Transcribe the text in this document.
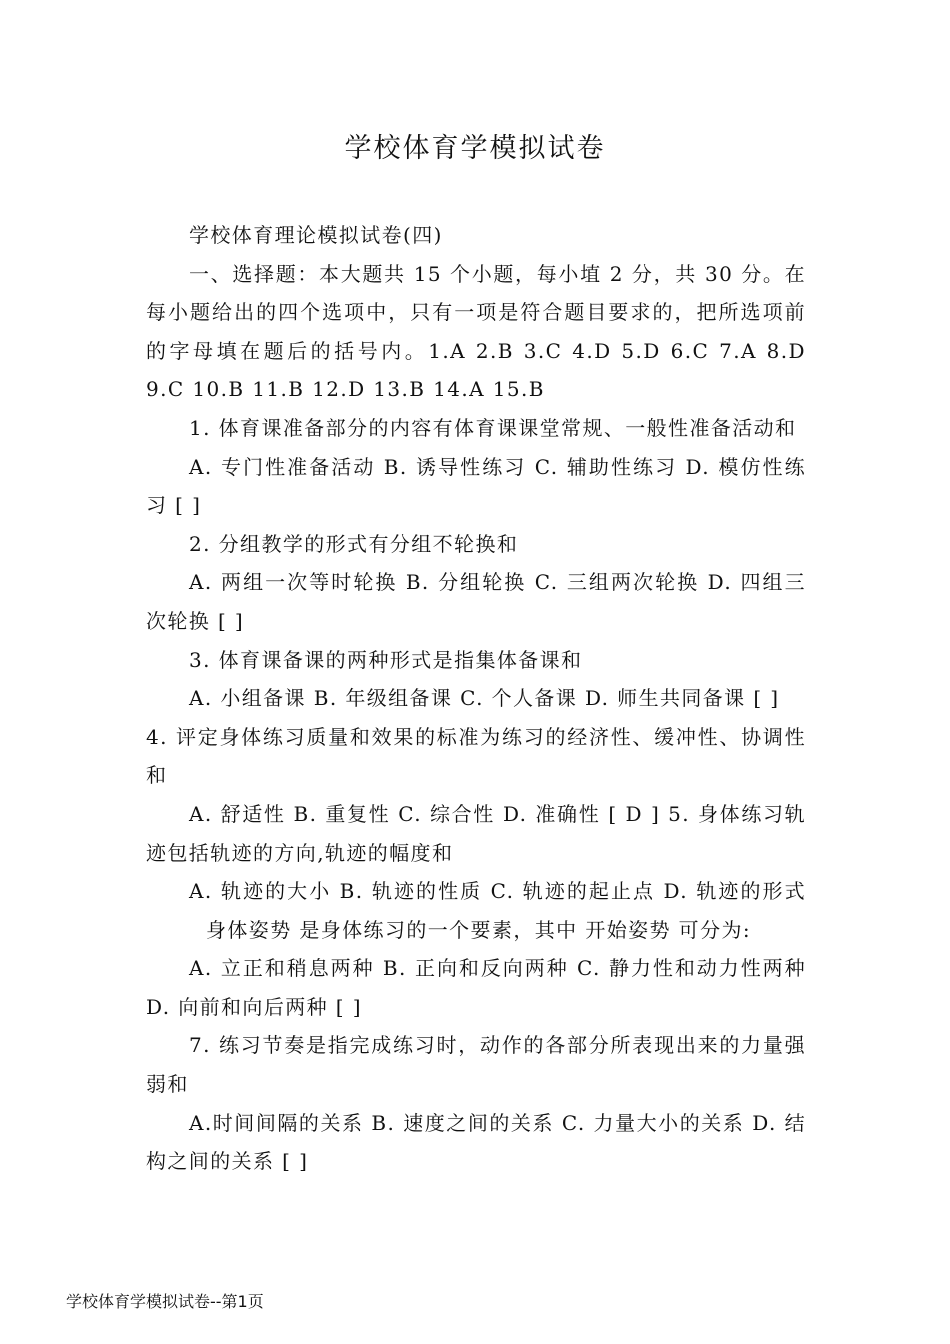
学校体育学模拟试卷

学校体育理论模拟试卷(四)

一、选择题：本大题共 15 个小题，每小埴 2 分，共 30 分。在每小题给出的四个选项中，只有一项是符合题目要求的，把所选项前的字母填在题后的括号内。1.A 2.B 3.C 4.D 5.D 6.C 7.A 8.D 9.C 10.B 11.B 12.D 13.B 14.A 15.B

1. 体育课准备部分的内容有体育课课堂常规、一般性准备活动和

A. 专门性准备活动 B. 诱导性练习 C. 辅助性练习 D. 模仿性练习 [ ]

2. 分组教学的形式有分组不轮换和

A. 两组一次等时轮换 B. 分组轮换 C. 三组两次轮换 D. 四组三次轮换 [ ]

3. 体育课备课的两种形式是指集体备课和

A. 小组备课 B. 年级组备课 C. 个人备课 D. 师生共同备课 [ ]

4. 评定身体练习质量和效果的标准为练习的经济性、缓冲性、协调性和

A. 舒适性 B. 重复性 C. 综合性 D. 准确性 [ D ] 5. 身体练习轨迹包括轨迹的方向,轨迹的幅度和

A. 轨迹的大小 B. 轨迹的性质 C. 轨迹的起止点 D. 轨迹的形式身体姿势 是身体练习的一个要素，其中 开始姿势 可分为:

A. 立正和稍息两种 B. 正向和反向两种 C. 静力性和动力性两种 D. 向前和向后两种 [ ]

7. 练习节奏是指完成练习时，动作的各部分所表现出来的力量强弱和

A.时间间隔的关系 B. 速度之间的关系 C. 力量大小的关系 D. 结构之间的关系 [ ]

学校体育学模拟试卷--第1页
